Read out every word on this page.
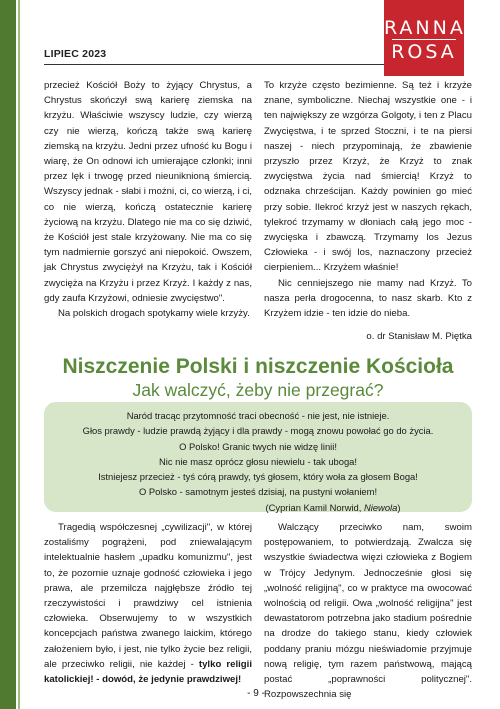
LIPIEC 2023
RANNA
ROSA

przecież Kościół Boży to żyjący Chrystus, a Chrystus skończył swą karierę ziemska na krzyżu. Właściwie wszyscy ludzie, czy wierzą czy nie wierzą, kończą także swą karierę ziemską na krzyżu. Jedni przez ufność ku Bogu i wiarę, że On odnowi ich umierające członki; inni przez lęk i trwogę przed nieuniknioną śmiercią. Wszyscy jednak - słabi i możni, ci, co wierzą, i ci, co nie wierzą, kończą ostatecznie karierę życiową na krzyżu. Dlatego nie ma co się dziwić, że Kościół jest stale krzyżowany. Nie ma co się tym nadmiernie gorszyć ani niepokoić. Owszem, jak Chrystus zwyciężył na Krzyżu, tak i Kościół zwycięża na Krzyżu i przez Krzyż. I każdy z nas, gdy zaufa Krzyżowi, odniesie zwycięstwo".

Na polskich drogach spotykamy wiele krzyży.

To krzyże często bezimienne. Są też i krzyże znane, symboliczne. Niechaj wszystkie one - i ten największy ze wzgórza Golgoty, i ten z Placu Zwycięstwa, i te sprzed Stoczni, i te na piersi naszej - niech przypominają, że zbawienie przyszło przez Krzyż, że Krzyż to znak zwycięstwa życia nad śmiercią! Krzyż to odznaka chrześcijan. Każdy powinien go mieć przy sobie. Ilekroć krzyż jest w naszych rękach, tylekroć trzymamy w dłoniach całą jego moc - zwycięska i zbawczą. Trzymamy los Jezus Człowieka - i swój los, naznaczony przecież cierpieniem... Krzyżem właśnie!

Nic cenniejszego nie mamy nad Krzyż. To nasza perła drogocenna, to nasz skarb. Kto z Krzyżem idzie - ten idzie do nieba.

o. dr Stanisław M. Piętka

Niszczenie Polski i niszczenie Kościoła
Jak walczyć, żeby nie przegrać?
Naród tracąc przytomność traci obecność - nie jest, nie istnieje.
Głos prawdy - ludzie prawdą żyjący i dla prawdy - mogą znowu powołać go do życia.
O Polsko! Granic twych nie widzę linii!
Nic nie masz oprócz głosu niewielu - tak uboga!
Istniejesz przecież - tyś córą prawdy, tyś głosem, który woła za głosem Boga!
O Polsko - samotnym jesteś dzisiaj, na pustyni wołaniem!
(Cyprian Kamil Norwid, Niewola)

Tragedią współczesnej „cywilizacji", w której zostaliśmy pogrążeni, pod zniewalającym intelektualnie hasłem „upadku komunizmu", jest to, że pozornie uznaje godność człowieka i jego prawa, ale przemilcza najgłębsze źródło tej rzeczywistości i prawdziwy cel istnienia człowieka. Obserwujemy to w wszystkich koncepcjach państwa zwanego laickim, którego założeniem było, i jest, nie tylko życie bez religii, ale przeciwko religii, nie każdej - tylko religii katolickiej! - dowód, że jedynie prawdziwej!

Walczący przeciwko nam, swoim postępowaniem, to potwierdzają. Zwalcza się wszystkie świadectwa więzi człowieka z Bogiem w Trójcy Jedynym. Jednocześnie głosi się „wolność religijną", co w praktyce ma owocować wolnością od religii. Owa „wolność religijna" jest dewastatorom potrzebna jako stadium pośrednie na drodze do takiego stanu, kiedy człowiek poddany praniu mózgu nieświadomie przyjmuje nową religię, tym razem państwową, mającą postać „poprawności politycznej". Rozpowszechnia się

- 9 -
